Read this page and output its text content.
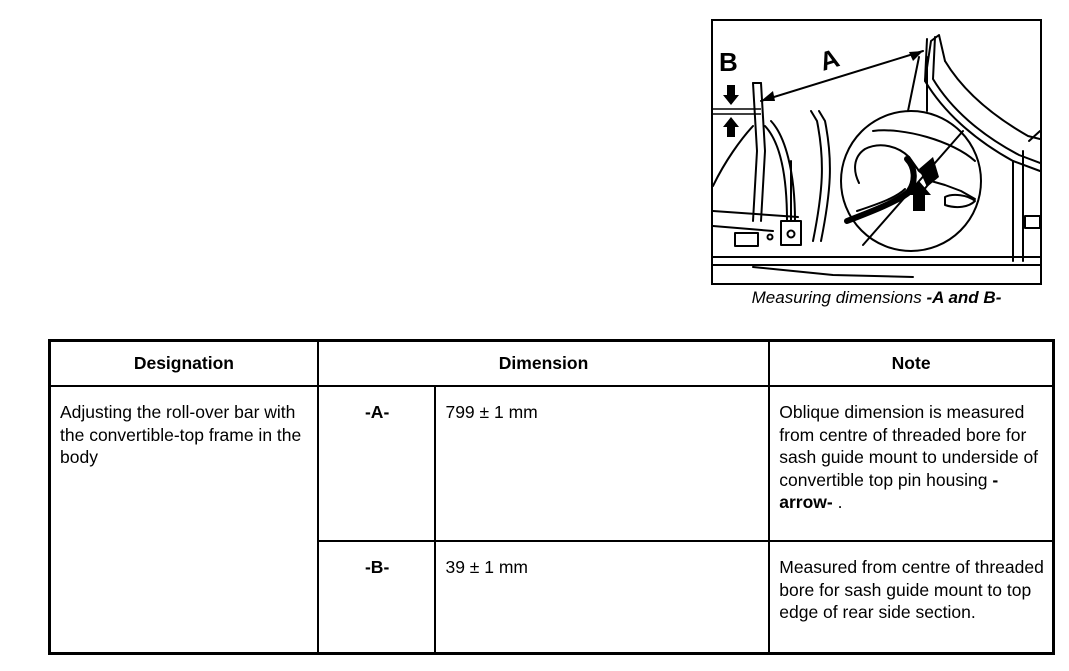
A
B
Measuring dimensions -A and B-
Designation	Dimension		Note
Adjusting the roll-over bar with the convertible-top frame in the body	-A-	799 ± 1 mm	Oblique dimension is measured from centre of threaded bore for sash guide mount to underside of convertible top pin housing -arrow- .
	-B-	39 ± 1 mm	Measured from centre of threaded bore for sash guide mount to top edge of rear side section.
